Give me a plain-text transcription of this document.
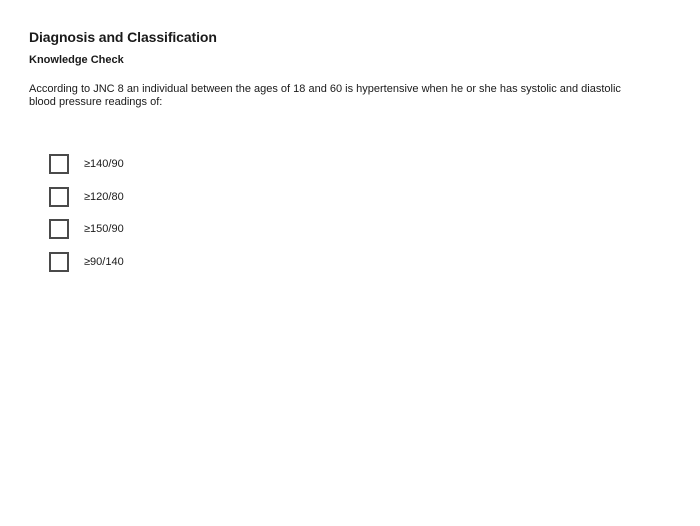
Diagnosis and Classification
Knowledge Check
According to JNC 8 an individual between the ages of 18 and 60 is hypertensive when he or she has systolic and diastolic blood pressure readings of:
≥140/90
≥120/80
≥150/90
≥90/140
